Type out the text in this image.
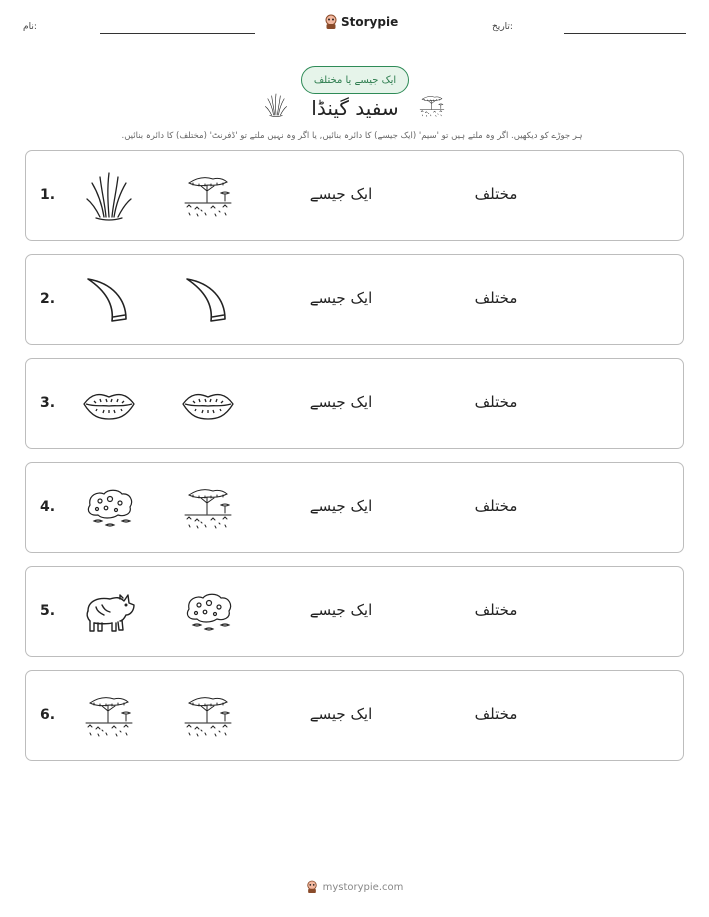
نام:	Storypie	تاریخ:
ایک جیسے یا مختلف
سفید گینڈا
ہر جوڑے کو دیکھیں. اگر وہ ملتے ہیں تو 'سیم' (ایک جیسے) کا دائرہ بنائیں, یا اگر وہ نہیں ملتے تو 'ڈفرنٹ' (مختلف) کا دائرہ بنائیں.
1.	ایک جیسے	مختلف
2.	ایک جیسے	مختلف
3.	ایک جیسے	مختلف
4.	ایک جیسے	مختلف
5.	ایک جیسے	مختلف
6.	ایک جیسے	مختلف
mystorypie.com
